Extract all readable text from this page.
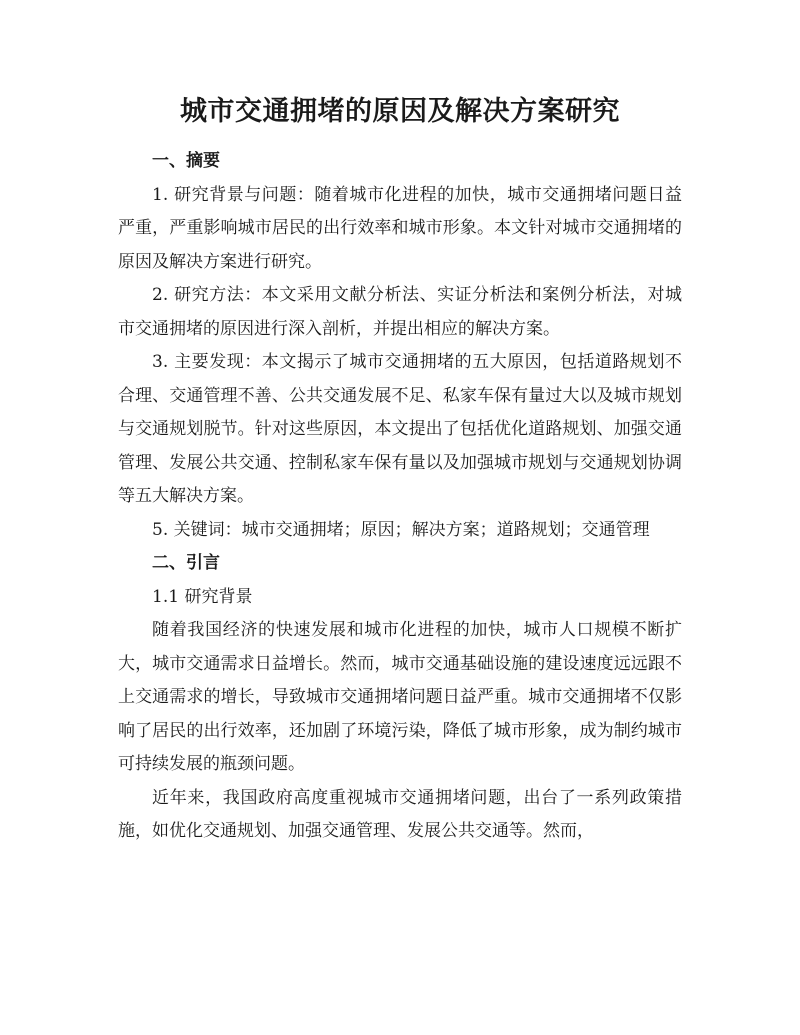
城市交通拥堵的原因及解决方案研究

一、摘要

1. 研究背景与问题：随着城市化进程的加快，城市交通拥堵问题日益严重，严重影响城市居民的出行效率和城市形象。本文针对城市交通拥堵的原因及解决方案进行研究。

2. 研究方法：本文采用文献分析法、实证分析法和案例分析法，对城市交通拥堵的原因进行深入剖析，并提出相应的解决方案。

3. 主要发现：本文揭示了城市交通拥堵的五大原因，包括道路规划不合理、交通管理不善、公共交通发展不足、私家车保有量过大以及城市规划与交通规划脱节。针对这些原因，本文提出了包括优化道路规划、加强交通管理、发展公共交通、控制私家车保有量以及加强城市规划与交通规划协调等五大解决方案。

5. 关键词：城市交通拥堵；原因；解决方案；道路规划；交通管理

二、引言

1.1 研究背景

随着我国经济的快速发展和城市化进程的加快，城市人口规模不断扩大，城市交通需求日益增长。然而，城市交通基础设施的建设速度远远跟不上交通需求的增长，导致城市交通拥堵问题日益严重。城市交通拥堵不仅影响了居民的出行效率，还加剧了环境污染，降低了城市形象，成为制约城市可持续发展的瓶颈问题。

近年来，我国政府高度重视城市交通拥堵问题，出台了一系列政策措施，如优化交通规划、加强交通管理、发展公共交通等。然而，
